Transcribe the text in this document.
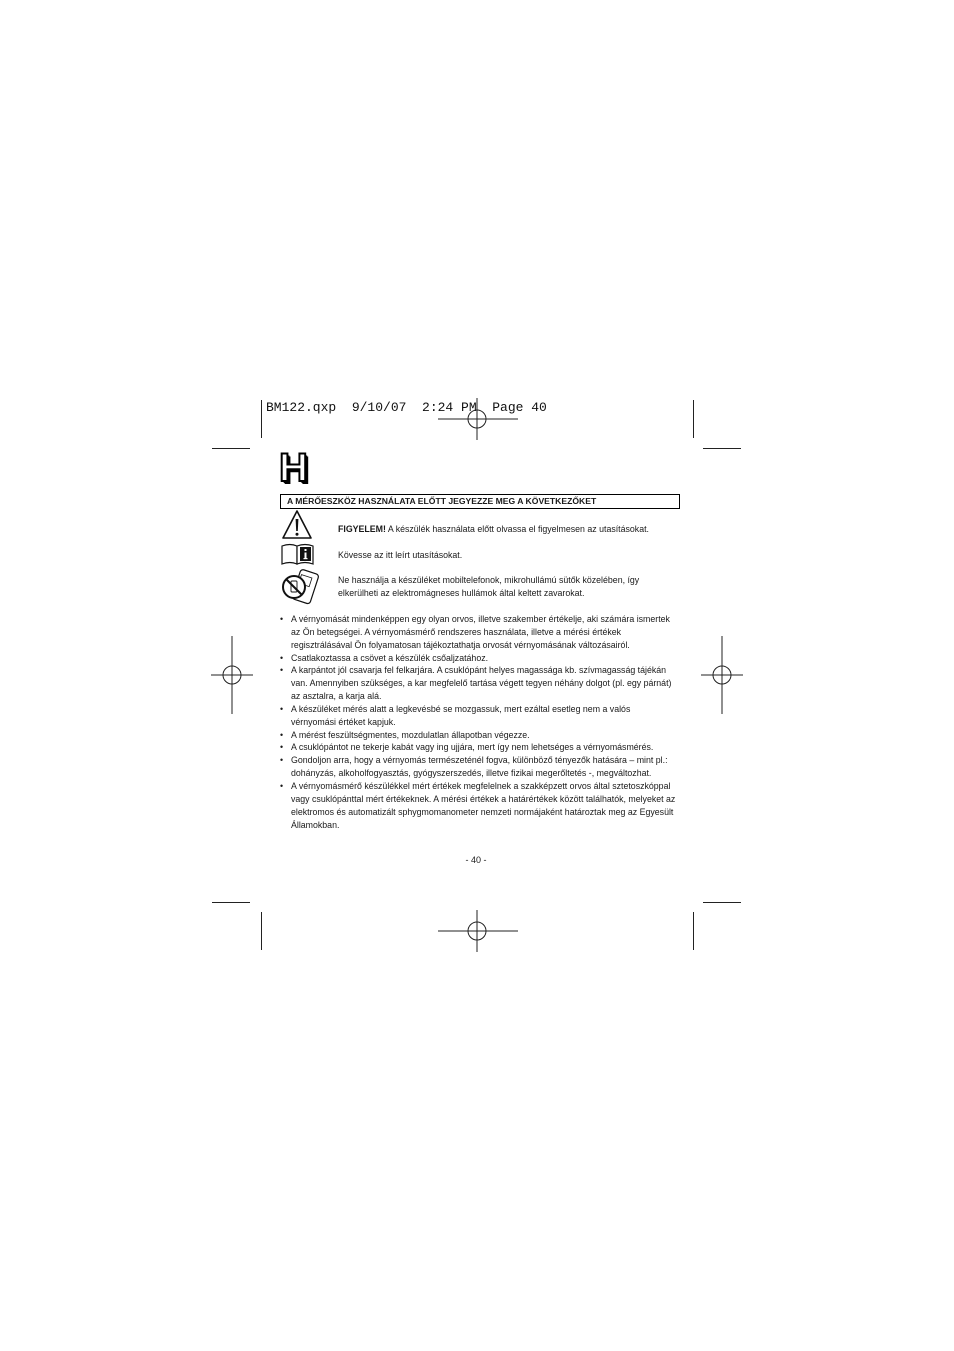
BM122.qxp  9/10/07  2:24 PM  Page 40
H
A MÉRŐESZKÖZ HASZNÁLATA ELŐTT JEGYEZZE MEG A KÖVETKEZŐKET
FIGYELEM! A készülék használata előtt olvassa el figyelmesen az utasításokat.
Kövesse az itt leírt utasításokat.
Ne használja a készüléket mobiltelefonok, mikrohullámú sütők közelében, így elkerülheti az elektromágneses hullámok által keltett zavarokat.
• A vérnyomását mindenképpen egy olyan orvos, illetve szakember értékelje, aki számára ismertek az Ön betegségei. A vérnyomásmérő rendszeres használata, illetve a mérési értékek regisztrálásával Ön folyamatosan tájékoztathatja orvosát vérnyomásának változásairól.
• Csatlakoztassa a csövet a készülék csőaljzatához.
• A karpántot jól csavarja fel felkarjára. A csuklópánt helyes magassága kb. szívmagasság tájékán van. Amennyiben szükséges, a kar megfelelő tartása végett tegyen néhány dolgot (pl. egy párnát) az asztalra, a karja alá.
• A készüléket mérés alatt a legkevésbé se mozgassuk, mert ezáltal esetleg nem a valós vérnyomási értéket kapjuk.
• A mérést feszültségmentes, mozdulatlan állapotban végezze.
• A csuklópántot ne tekerje kabát vagy ing ujjára, mert így nem lehetséges a vérnyomásmérés.
• Gondoljon arra, hogy a vérnyomás természeténél fogva, különböző tényezők hatására – mint pl.: dohányzás, alkoholfogyasztás, gyógyszerszedés, illetve fizikai megerőltetés -, megváltozhat.
• A vérnyomásmérő készülékkel mért értékek megfelelnek a szakképzett orvos által sztetoszkóppal vagy csuklópánttal mért értékeknek. A mérési értékek a határértékek között találhatók, melyeket az elektromos és automatizált sphygmomanometer nemzeti normájaként határoztak meg az Egyesült Államokban.
- 40 -
